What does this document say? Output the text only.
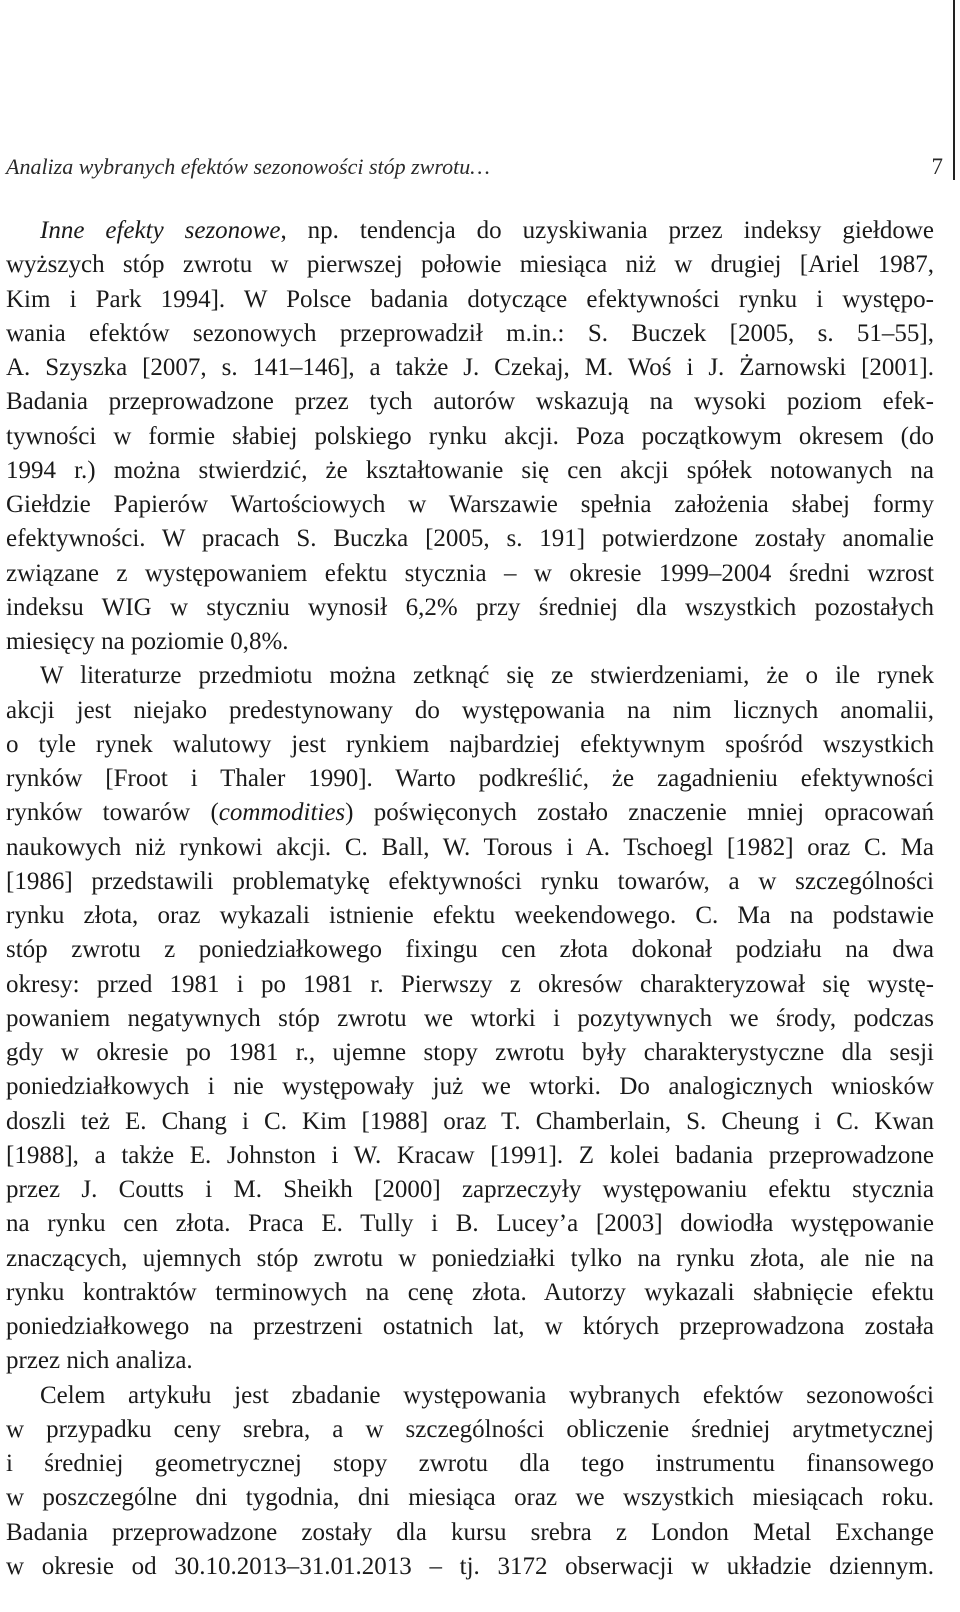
Analiza wybranych efektów sezonowości stóp zwrotu…	7
Inne efekty sezonowe, np. tendencja do uzyskiwania przez indeksy giełdowe
wyższych stóp zwrotu w pierwszej połowie miesiąca niż w drugiej [Ariel 1987,
Kim i Park 1994]. W Polsce badania dotyczące efektywności rynku i występo-
wania efektów sezonowych przeprowadził m.in.: S. Buczek [2005, s. 51–55],
A. Szyszka [2007, s. 141–146], a także J. Czekaj, M. Woś i J. Żarnowski [2001].
Badania przeprowadzone przez tych autorów wskazują na wysoki poziom efek-
tywności w formie słabiej polskiego rynku akcji. Poza początkowym okresem (do
1994 r.) można stwierdzić, że kształtowanie się cen akcji spółek notowanych na
Giełdzie Papierów Wartościowych w Warszawie spełnia założenia słabej formy
efektywności. W pracach S. Buczka [2005, s. 191] potwierdzone zostały anomalie
związane z występowaniem efektu stycznia – w okresie 1999–2004 średni wzrost
indeksu WIG w styczniu wynosił 6,2% przy średniej dla wszystkich pozostałych
miesięcy na poziomie 0,8%.
W literaturze przedmiotu można zetknąć się ze stwierdzeniami, że o ile rynek
akcji jest niejako predestynowany do występowania na nim licznych anomalii,
o tyle rynek walutowy jest rynkiem najbardziej efektywnym spośród wszystkich
rynków [Froot i Thaler 1990]. Warto podkreślić, że zagadnieniu efektywności
rynków towarów (commodities) poświęconych zostało znaczenie mniej opracowań
naukowych niż rynkowi akcji. C. Ball, W. Torous i A. Tschoegl [1982] oraz C. Ma
[1986] przedstawili problematykę efektywności rynku towarów, a w szczególności
rynku złota, oraz wykazali istnienie efektu weekendowego. C. Ma na podstawie
stóp zwrotu z poniedziałkowego fixingu cen złota dokonał podziału na dwa
okresy: przed 1981 i po 1981 r. Pierwszy z okresów charakteryzował się wystę-
powaniem negatywnych stóp zwrotu we wtorki i pozytywnych we środy, podczas
gdy w okresie po 1981 r., ujemne stopy zwrotu były charakterystyczne dla sesji
poniedziałkowych i nie występowały już we wtorki. Do analogicznych wniosków
doszli też E. Chang i C. Kim [1988] oraz T. Chamberlain, S. Cheung i C. Kwan
[1988], a także E. Johnston i W. Kracaw [1991]. Z kolei badania przeprowadzone
przez J. Coutts i M. Sheikh [2000] zaprzeczyły występowaniu efektu stycznia
na rynku cen złota. Praca E. Tully i B. Lucey’a [2003] dowiodła występowanie
znaczących, ujemnych stóp zwrotu w poniedziałki tylko na rynku złota, ale nie na
rynku kontraktów terminowych na cenę złota. Autorzy wykazali słabnięcie efektu
poniedziałkowego na przestrzeni ostatnich lat, w których przeprowadzona została
przez nich analiza.
Celem artykułu jest zbadanie występowania wybranych efektów sezonowości
w przypadku ceny srebra, a w szczególności obliczenie średniej arytmetycznej
i średniej geometrycznej stopy zwrotu dla tego instrumentu finansowego
w poszczególne dni tygodnia, dni miesiąca oraz we wszystkich miesiącach roku.
Badania przeprowadzone zostały dla kursu srebra z London Metal Exchange
w okresie od 30.10.2013–31.01.2013 – tj. 3172 obserwacji w układzie dziennym.
